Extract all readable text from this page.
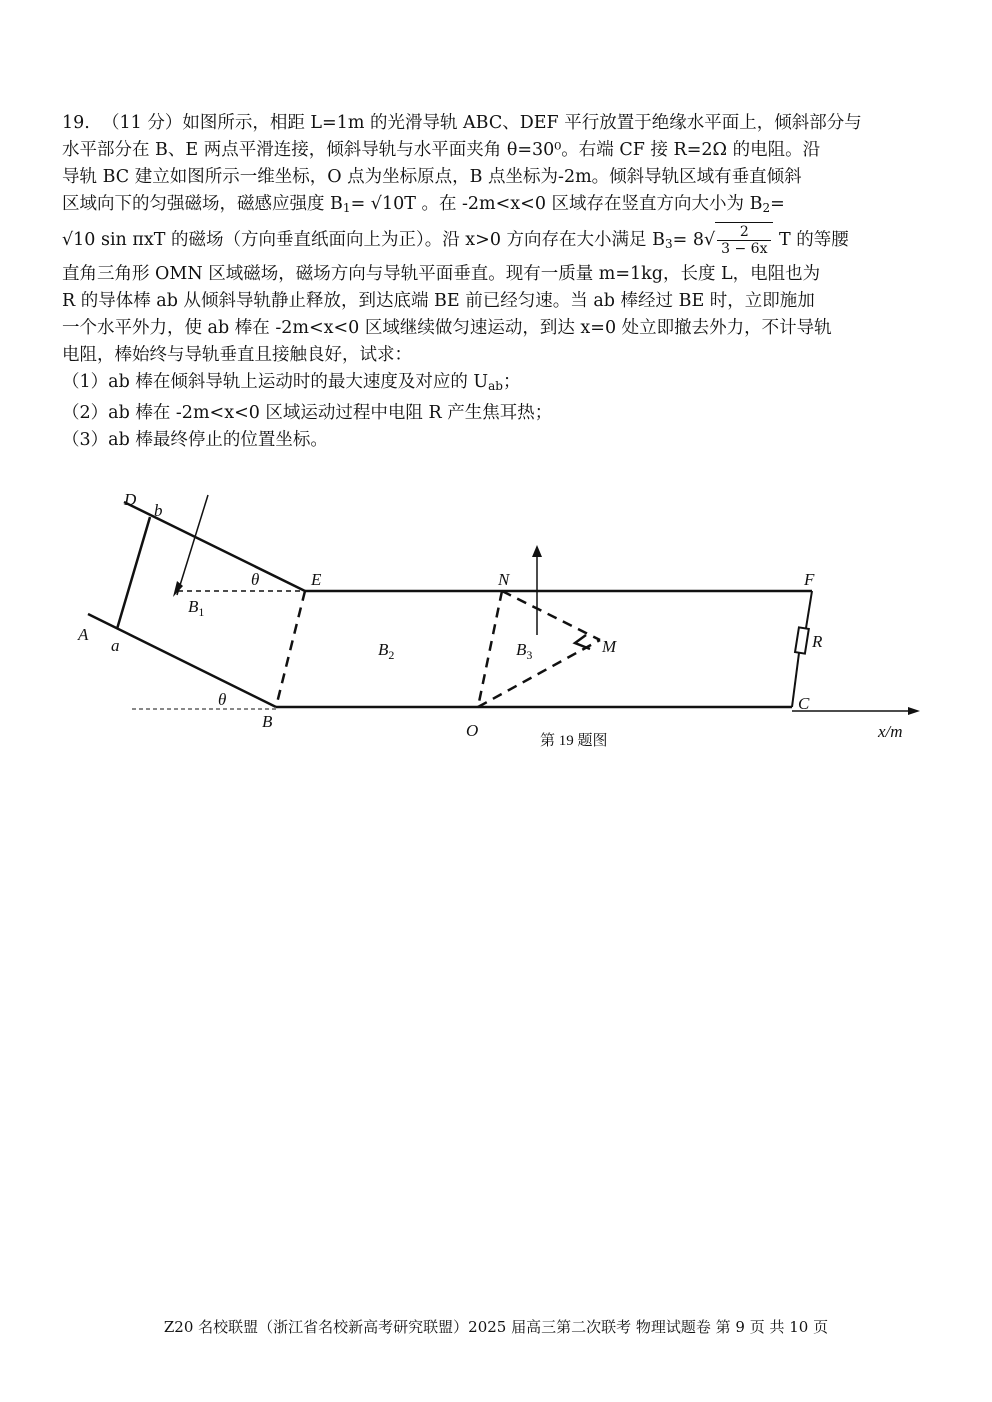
19. （11 分）如图所示，相距 L=1m 的光滑导轨 ABC、DEF 平行放置于绝缘水平面上，倾斜部分与
水平部分在 B、E 两点平滑连接，倾斜导轨与水平面夹角 θ=30⁰。右端 CF 接 R=2Ω 的电阻。沿
导轨 BC 建立如图所示一维坐标，O 点为坐标原点，B 点坐标为-2m。倾斜导轨区域有垂直倾斜
区域向下的匀强磁场，磁感应强度 $B_1= √10T$ 。在 -2m<x<0 区域存在竖直方向大小为 $B_2=$
√10 sin πxT 的磁场（方向垂直纸面向上为正）。沿 x>0 方向存在大小满足 $B_3= 8√ \frac{2}{3 - 6x}$ T 的等腰
直角三角形 OMN 区域磁场，磁场方向与导轨平面垂直。现有一质量 m=1kg，长度 L，电阻也为
R 的导体棒 ab 从倾斜导轨静止释放，到达底端 BE 前已经匀速。当 ab 棒经过 BE 时，立即施加
一个水平外力，使 ab 棒在 -2m<x<0 区域继续做匀速运动，到达 x=0 处立即撤去外力，不计导轨
电阻，棒始终与导轨垂直且接触良好，试求：
（1）ab 棒在倾斜导轨上运动时的最大速度及对应的 $U_{ab}$；
（2）ab 棒在 -2m<x<0 区域运动过程中电阻 R 产生焦耳热；
（3）ab 棒最终停止的位置坐标。
D
b
A
a
E
B
θ
θ
$B_1$
$B_2$	$B_3$
N
M
O
F
C
R
x/m
第 19 题图
Z20 名校联盟（浙江省名校新高考研究联盟）2025 届高三第二次联考 物理试题卷 第 9 页 共 10 页
